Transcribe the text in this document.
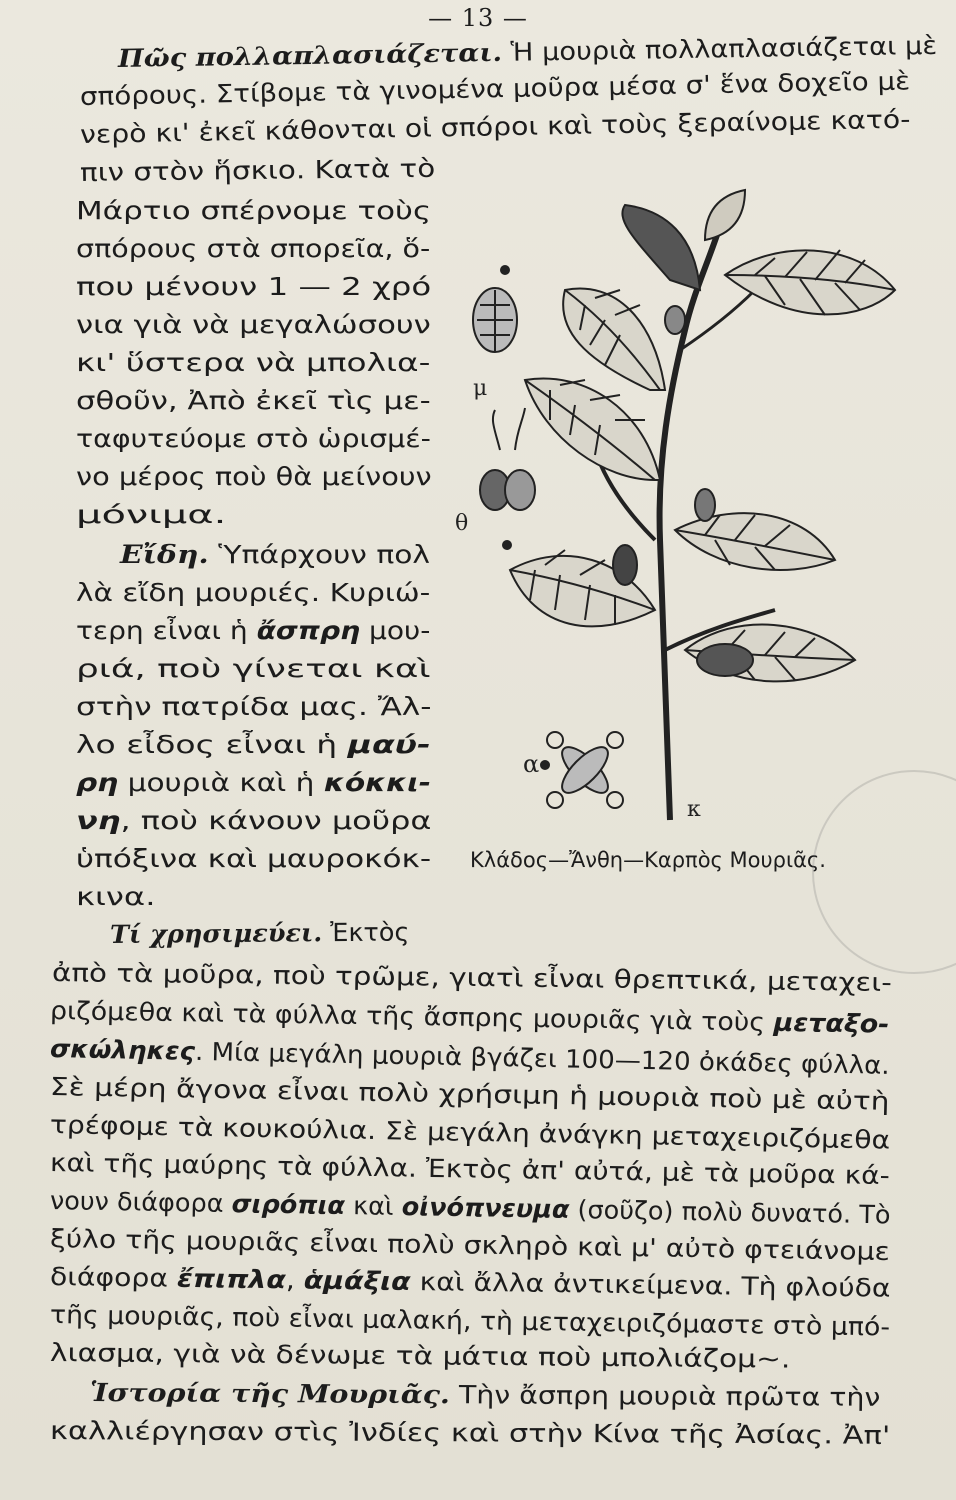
— 13 —
Πῶς πολλαπλασιάζεται. Ἡ μουριὰ πολλαπλασιάζεται μὲ
σπόρους. Στίβομε τὰ γινομένα μοῦρα μέσα σ' ἕνα δοχεῖο μὲ
νερὸ κι' ἐκεῖ κάθονται οἱ σπόροι καὶ τοὺς ξεραίνομε κατό-
πιν στὸν ἥσκιο. Κατὰ τὸ
Μάρτιο σπέρνομε τοὺς
σπόρους στὰ σπορεῖα, ὅ-
που μένουν 1 — 2 χρό
νια γιὰ νὰ μεγαλώσουν
κι' ὕστερα νὰ μπολια-
σθοῦν, Ἀπὸ ἐκεῖ τὶς με-
ταφυτεύομε στὸ ὡρισμέ-
νο μέρος ποὺ θὰ μείνουν
μόνιμα.
Εἴδη. Ὑπάρχουν πολ
λὰ εἴδη μουριές. Κυριώ-
τερη εἶναι ἡ ἄσπρη μου-
ριά, ποὺ γίνεται καὶ
στὴν πατρίδα μας. Ἄλ-
λο εἶδος εἶναι ἡ μαύ-
ρη μουριὰ καὶ ἡ κόκκι-
νη, ποὺ κάνουν μοῦρα
ὑπόξινα καὶ μαυροκόκ-
κινα.
Τί χρησιμεύει. Ἐκτὸς
ἀπὸ τὰ μοῦρα, ποὺ τρῶμε, γιατὶ εἶναι θρεπτικά, μεταχει-
ριζόμεθα καὶ τὰ φύλλα τῆς ἄσπρης μουριᾶς γιὰ τοὺς μεταξο-
σκώληκες. Μία μεγάλη μουριὰ βγάζει 100—120 ὀκάδες φύλλα.
Σὲ μέρη ἄγονα εἶναι πολὺ χρήσιμη ἡ μουριὰ ποὺ μὲ αὐτὴ
τρέφομε τὰ κουκούλια. Σὲ μεγάλη ἀνάγκη μεταχειριζόμεθα
καὶ τῆς μαύρης τὰ φύλλα. Ἐκτὸς ἀπ' αὐτά, μὲ τὰ μοῦρα κά-
νουν διάφορα σιρόπια καὶ οἰνόπνευμα (σοῦζο) πολὺ δυνατό. Τὸ
ξύλο τῆς μουριᾶς εἶναι πολὺ σκληρὸ καὶ μ' αὐτὸ φτειάνομε
διάφορα ἔπιπλα, ἁμάξια καὶ ἄλλα ἀντικείμενα. Τὴ φλούδα
τῆς μουριᾶς, ποὺ εἶναι μαλακή, τὴ μεταχειριζόμαστε στὸ μπό-
λιασμα, γιὰ νὰ δένωμε τὰ μάτια ποὺ μπολιάζομ~.
Ἱστορία τῆς Μουριᾶς. Τὴν ἄσπρη μουριὰ πρῶτα τὴν
καλλιέργησαν στὶς Ἰνδίες καὶ στὴν Κίνα τῆς Ἀσίας. Ἀπ'
μ
θ
α
κ
Κλάδος—Ἄνθη—Καρπὸς Μουριᾶς.
